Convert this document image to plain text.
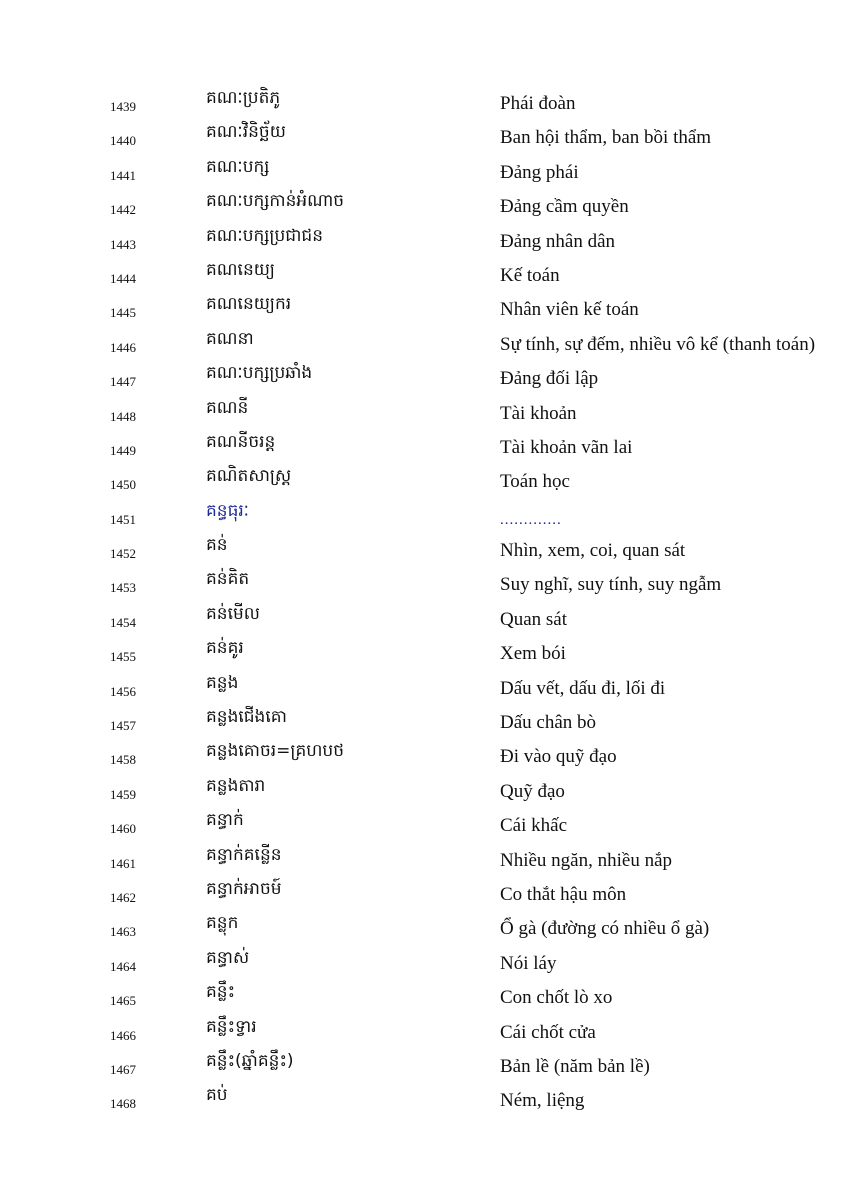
1439	គណៈប្រតិភូ	Phái đoàn
1440	គណៈវិនិច្ឆ័យ	Ban hội thẩm, ban bồi thẩm
1441	គណៈបក្ស	Đảng phái
1442	គណៈបក្សកាន់អំណាច	Đảng cầm quyền
1443	គណៈបក្សប្រជាជន	Đảng nhân dân
1444	គណនេយ្យ	Kế toán
1445	គណនេយ្យករ	Nhân viên kế toán
1446	គណនា	Sự tính, sự đếm, nhiều vô kể (thanh toán)
1447	គណៈបក្សប្រឆាំង	Đảng đối lập
1448	គណនី	Tài khoản
1449	គណនីចរន្ត	Tài khoản vãn lai
1450	គណិតសាស្ត្រ	Toán học
1451	គន្ធធុរៈ	.............
1452	គន់	Nhìn, xem, coi, quan sát
1453	គន់គិត	Suy nghĩ, suy tính, suy ngẫm
1454	គន់មើល	Quan sát
1455	គន់គូរ	Xem bói
1456	គន្លង	Dấu vết, dấu đi, lối đi
1457	គន្លងជើងគោ	Dấu chân bò
1458	គន្លងគោចរ=គ្រហបថ	Đi vào quỹ đạo
1459	គន្លងតារា	Quỹ đạo
1460	គន្ធាក់	Cái khấc
1461	គន្ធាក់គន្លើន	Nhiều ngăn, nhiều nắp
1462	គន្ធាក់អាចម៍	Co thắt hậu môn
1463	គន្លុក	Ổ gà (đường có nhiều ổ gà)
1464	គន្ធាស់	Nói láy
1465	គន្លឹះ	Con chốt lò xo
1466	គន្លឹះទ្វារ	Cái chốt cửa
1467	គន្លឹះ(ឆ្នាំគន្លឹះ)	Bản lề (năm bản lề)
1468	គប់	Ném, liệng
